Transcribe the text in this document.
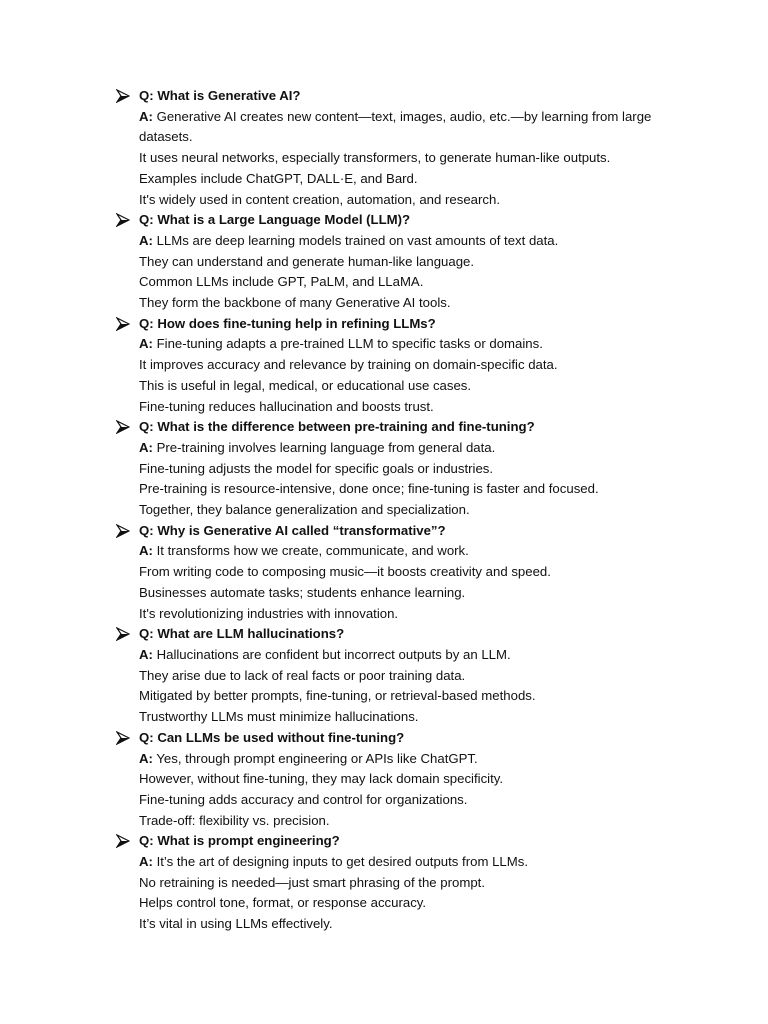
Q: What is Generative AI?
A: Generative AI creates new content—text, images, audio, etc.—by learning from large datasets.
It uses neural networks, especially transformers, to generate human-like outputs.
Examples include ChatGPT, DALL·E, and Bard.
It's widely used in content creation, automation, and research.
Q: What is a Large Language Model (LLM)?
A: LLMs are deep learning models trained on vast amounts of text data.
They can understand and generate human-like language.
Common LLMs include GPT, PaLM, and LLaMA.
They form the backbone of many Generative AI tools.
Q: How does fine-tuning help in refining LLMs?
A: Fine-tuning adapts a pre-trained LLM to specific tasks or domains.
It improves accuracy and relevance by training on domain-specific data.
This is useful in legal, medical, or educational use cases.
Fine-tuning reduces hallucination and boosts trust.
Q: What is the difference between pre-training and fine-tuning?
A: Pre-training involves learning language from general data.
Fine-tuning adjusts the model for specific goals or industries.
Pre-training is resource-intensive, done once; fine-tuning is faster and focused.
Together, they balance generalization and specialization.
Q: Why is Generative AI called “transformative”?
A: It transforms how we create, communicate, and work.
From writing code to composing music—it boosts creativity and speed.
Businesses automate tasks; students enhance learning.
It's revolutionizing industries with innovation.
Q: What are LLM hallucinations?
A: Hallucinations are confident but incorrect outputs by an LLM.
They arise due to lack of real facts or poor training data.
Mitigated by better prompts, fine-tuning, or retrieval-based methods.
Trustworthy LLMs must minimize hallucinations.
Q: Can LLMs be used without fine-tuning?
A: Yes, through prompt engineering or APIs like ChatGPT.
However, without fine-tuning, they may lack domain specificity.
Fine-tuning adds accuracy and control for organizations.
Trade-off: flexibility vs. precision.
Q: What is prompt engineering?
A: It’s the art of designing inputs to get desired outputs from LLMs.
No retraining is needed—just smart phrasing of the prompt.
Helps control tone, format, or response accuracy.
It’s vital in using LLMs effectively.
